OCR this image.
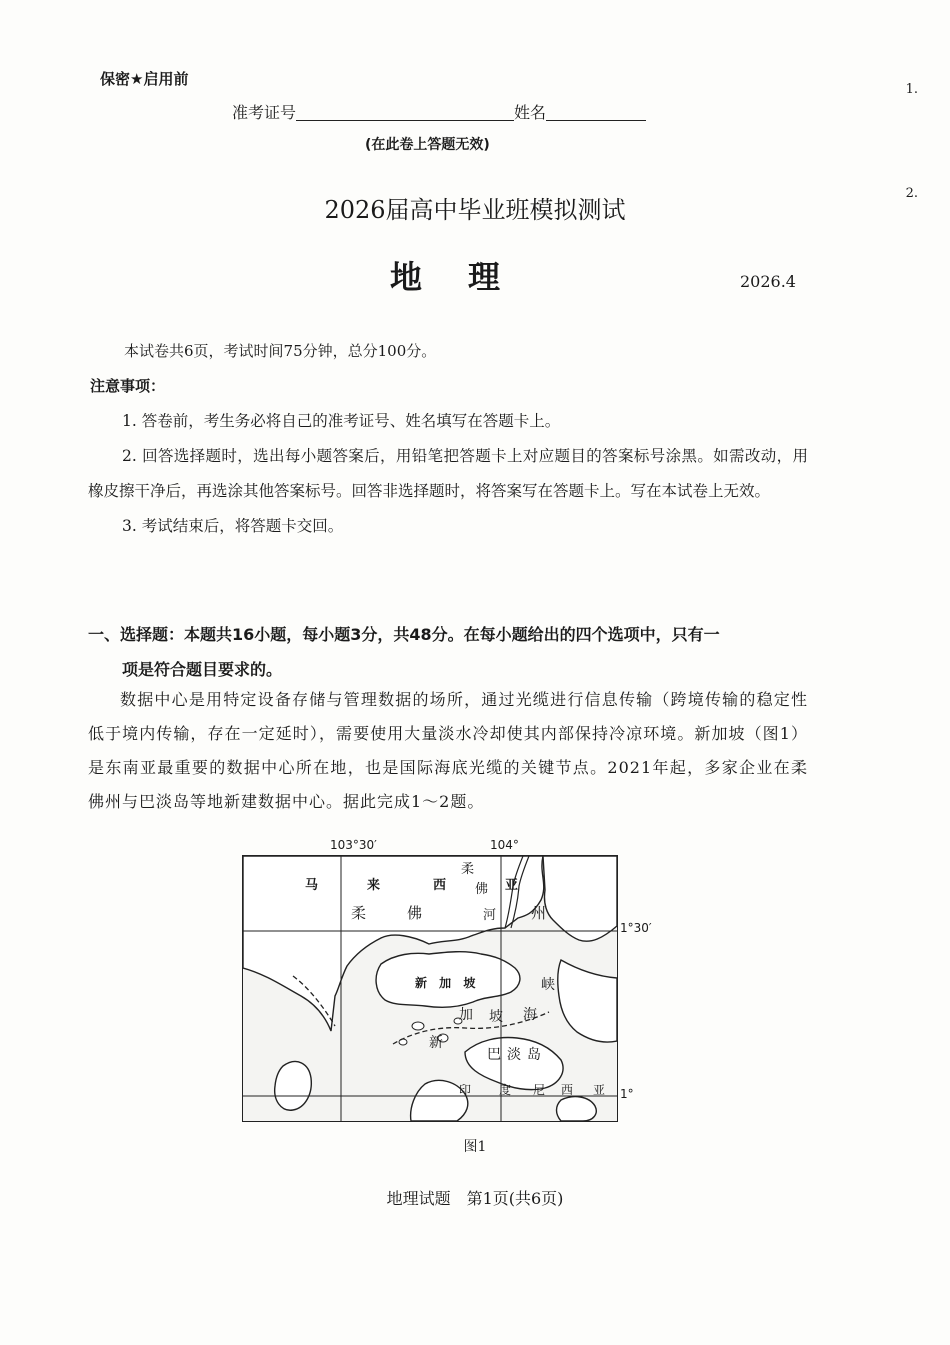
保密★启用前
准考证号	姓名
(在此卷上答题无效)
2026届高中毕业班模拟测试
地理	2026.4
本试卷共6页，考试时间75分钟，总分100分。
注意事项：

1. 答卷前，考生务必将自己的准考证号、姓名填写在答题卡上。

2. 回答选择题时，选出每小题答案后，用铅笔把答题卡上对应题目的答案标号涂黑。如需改动，用橡皮擦干净后，再选涂其他答案标号。回答非选择题时，将答案写在答题卡上。写在本试卷上无效。

3. 考试结束后，将答题卡交回。

一、选择题：本题共16小题，每小题3分，共48分。在每小题给出的四个选项中，只有一
项是符合题目要求的。

数据中心是用特定设备存储与管理数据的场所，通过光缆进行信息传输（跨境传输的稳定性低于境内传输，存在一定延时），需要使用大量淡水冷却使其内部保持冷凉环境。新加坡（图1）是东南亚最重要的数据中心所在地，也是国际海底光缆的关键节点。2021年起，多家企业在柔佛州与巴淡岛等地新建数据中心。据此完成1～2题。

103°30′	104°
1°30′
1°
马	来	西	亚
柔	佛	州
柔
佛
河
新 加 坡
新
加 坡 海
峡
巴 淡 岛
印 度 尼 西 亚
图1
地理试题　第1页(共6页)
1.
2.
